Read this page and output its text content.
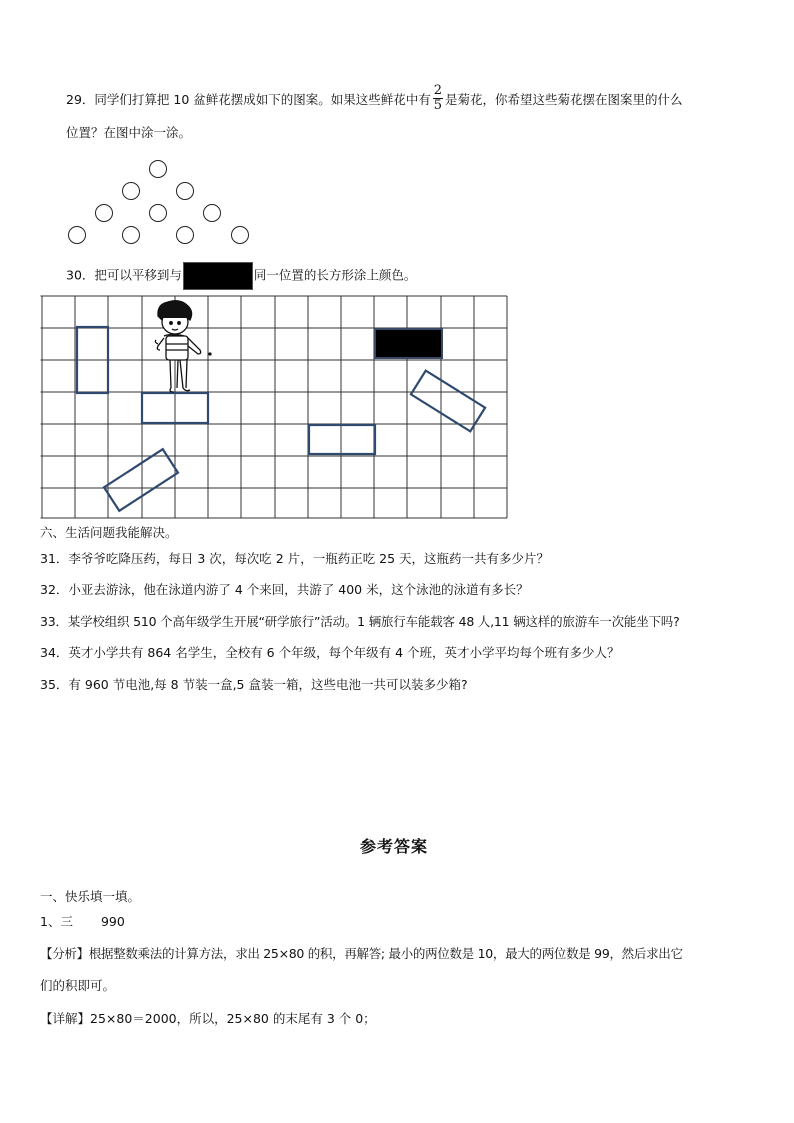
29．同学们打算把 10 盆鲜花摆成如下的图案。如果这些鲜花中有 $\frac{2}{5}$ 是菊花，你希望这些菊花摆在图案里的什么
位置？在图中涂一涂。
30．把可以平移到与	同一位置的长方形涂上颜色。
六、生活问题我能解决。
31．李爷爷吃降压药，每日 3 次，每次吃 2 片，一瓶药正吃 25 天，这瓶药一共有多少片？
32．小亚去游泳，他在泳道内游了 4 个来回，共游了 400 米，这个泳池的泳道有多长？
33．某学校组织 510 个高年级学生开展“研学旅行”活动。1 辆旅行车能载客 48 人,11 辆这样的旅游车一次能坐下吗?
34．英才小学共有 864 名学生，全校有 6 个年级，每个年级有 4 个班，英才小学平均每个班有多少人？
35．有 960 节电池,每 8 节装一盒,5 盒装一箱，这些电池一共可以装多少箱?
参考答案
一、快乐填一填。
1、三 990
【分析】根据整数乘法的计算方法，求出 25×80 的积，再解答; 最小的两位数是 10，最大的两位数是 99，然后求出它
们的积即可。
【详解】25×80＝2000，所以，25×80 的末尾有 3 个 0；
